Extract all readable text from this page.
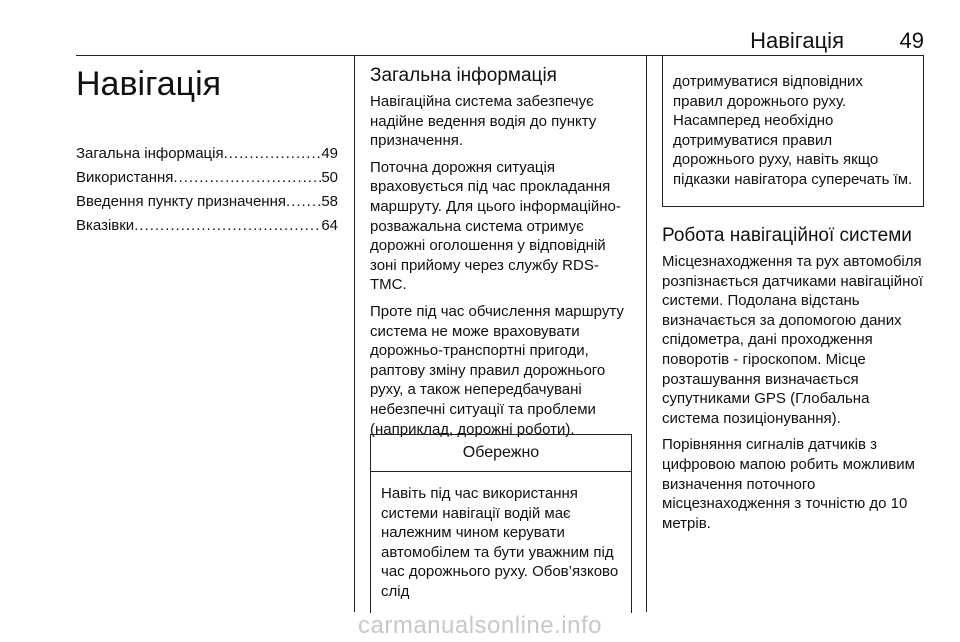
Навігація	49
Навігація
Загальна інформація .....	49
Використання .....	50
Введення пункту призначення ..... 58
Вказівки .....	64
Загальна інформація

Навігаційна система забезпечує надійне ведення водія до пункту призначення.

Поточна дорожня ситуація враховується під час прокладання маршруту. Для цього інформаційно-розважальна система отримує дорожні оголошення у відповідній зоні прийому через службу RDS-TMC.

Проте під час обчислення маршруту система не може враховувати дорожньо-транспортні пригоди, раптову зміну правил дорожнього руху, а також непередбачувані небезпечні ситуації та проблеми (наприклад, дорожні роботи).

Обережно
Навіть під час використання системи навігації водій має належним чином керувати автомобілем та бути уважним під час дорожнього руху. Обов’язково слід
дотримуватися відповідних правил дорожнього руху. Насамперед необхідно дотримуватися правил дорожнього руху, навіть якщо підказки навігатора суперечать їм.
Робота навігаційної системи

Місцезнаходження та рух автомобіля розпізнається датчиками навігаційної системи. Подолана відстань визначається за допомогою даних спідометра, дані проходження поворотів - гіроскопом. Місце розташування визначається супутниками GPS (Глобальна система позиціонування).

Порівняння сигналів датчиків з цифровою мапою робить можливим визначення поточного місцезнаходження з точністю до 10 метрів.

carmanualsonline.info
